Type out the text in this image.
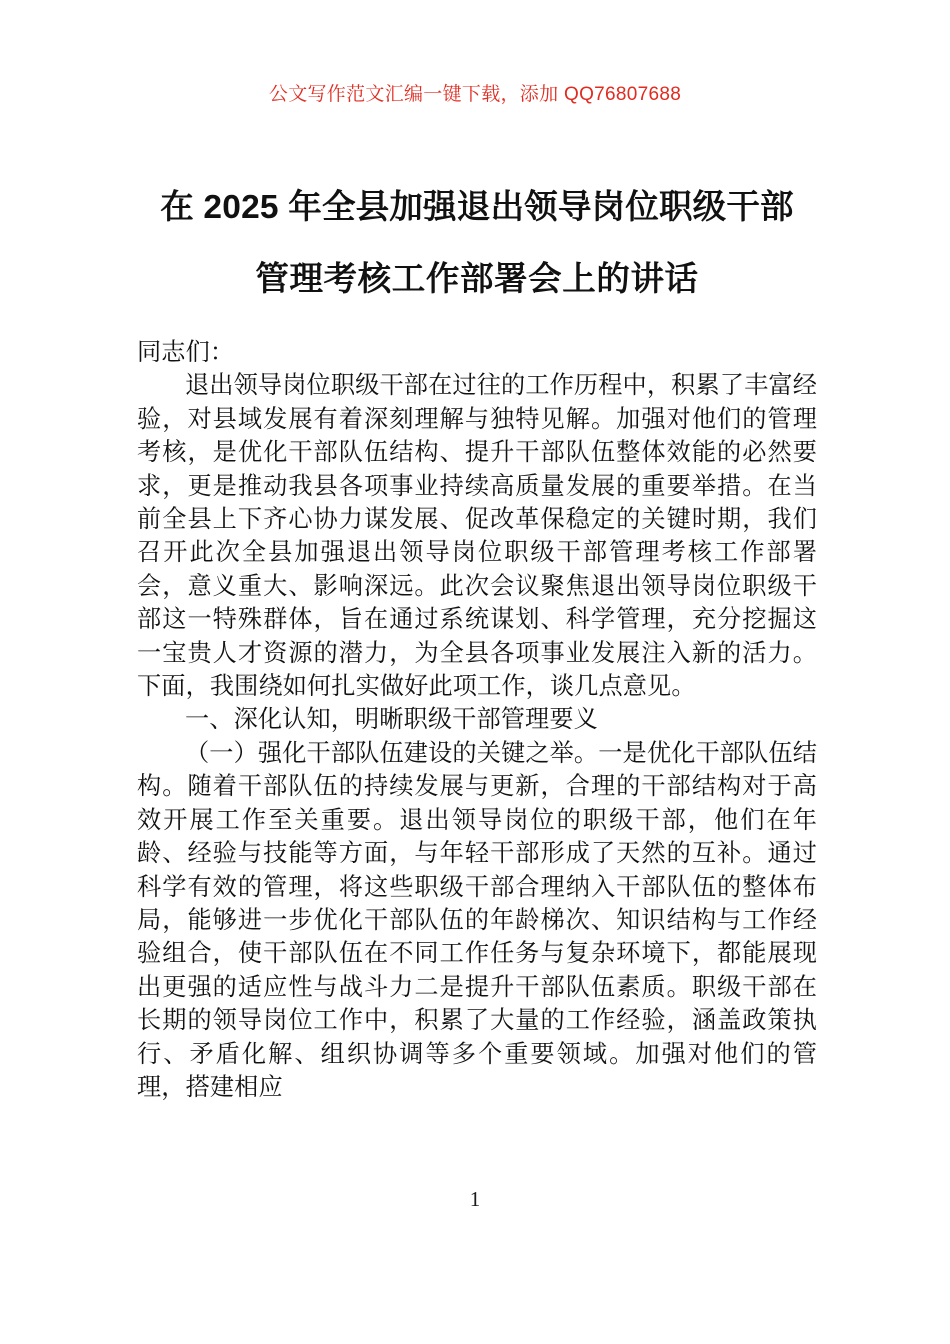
公文写作范文汇编一键下载，添加 QQ76807688
在 2025 年全县加强退出领导岗位职级干部
管理考核工作部署会上的讲话

同志们：

退出领导岗位职级干部在过往的工作历程中，积累了丰富经验，对县域发展有着深刻理解与独特见解。加强对他们的管理考核，是优化干部队伍结构、提升干部队伍整体效能的必然要求，更是推动我县各项事业持续高质量发展的重要举措。在当前全县上下齐心协力谋发展、促改革保稳定的关键时期，我们召开此次全县加强退出领导岗位职级干部管理考核工作部署会，意义重大、影响深远。此次会议聚焦退出领导岗位职级干部这一特殊群体，旨在通过系统谋划、科学管理，充分挖掘这一宝贵人才资源的潜力，为全县各项事业发展注入新的活力。下面，我围绕如何扎实做好此项工作，谈几点意见。

一、深化认知，明晰职级干部管理要义

（一）强化干部队伍建设的关键之举。一是优化干部队伍结构。随着干部队伍的持续发展与更新，合理的干部结构对于高效开展工作至关重要。退出领导岗位的职级干部，他们在年龄、经验与技能等方面，与年轻干部形成了天然的互补。通过科学有效的管理，将这些职级干部合理纳入干部队伍的整体布局，能够进一步优化干部队伍的年龄梯次、知识结构与工作经验组合，使干部队伍在不同工作任务与复杂环境下，都能展现出更强的适应性与战斗力二是提升干部队伍素质。职级干部在长期的领导岗位工作中，积累了大量的工作经验，涵盖政策执行、矛盾化解、组织协调等多个重要领域。加强对他们的管理，搭建相应

1
